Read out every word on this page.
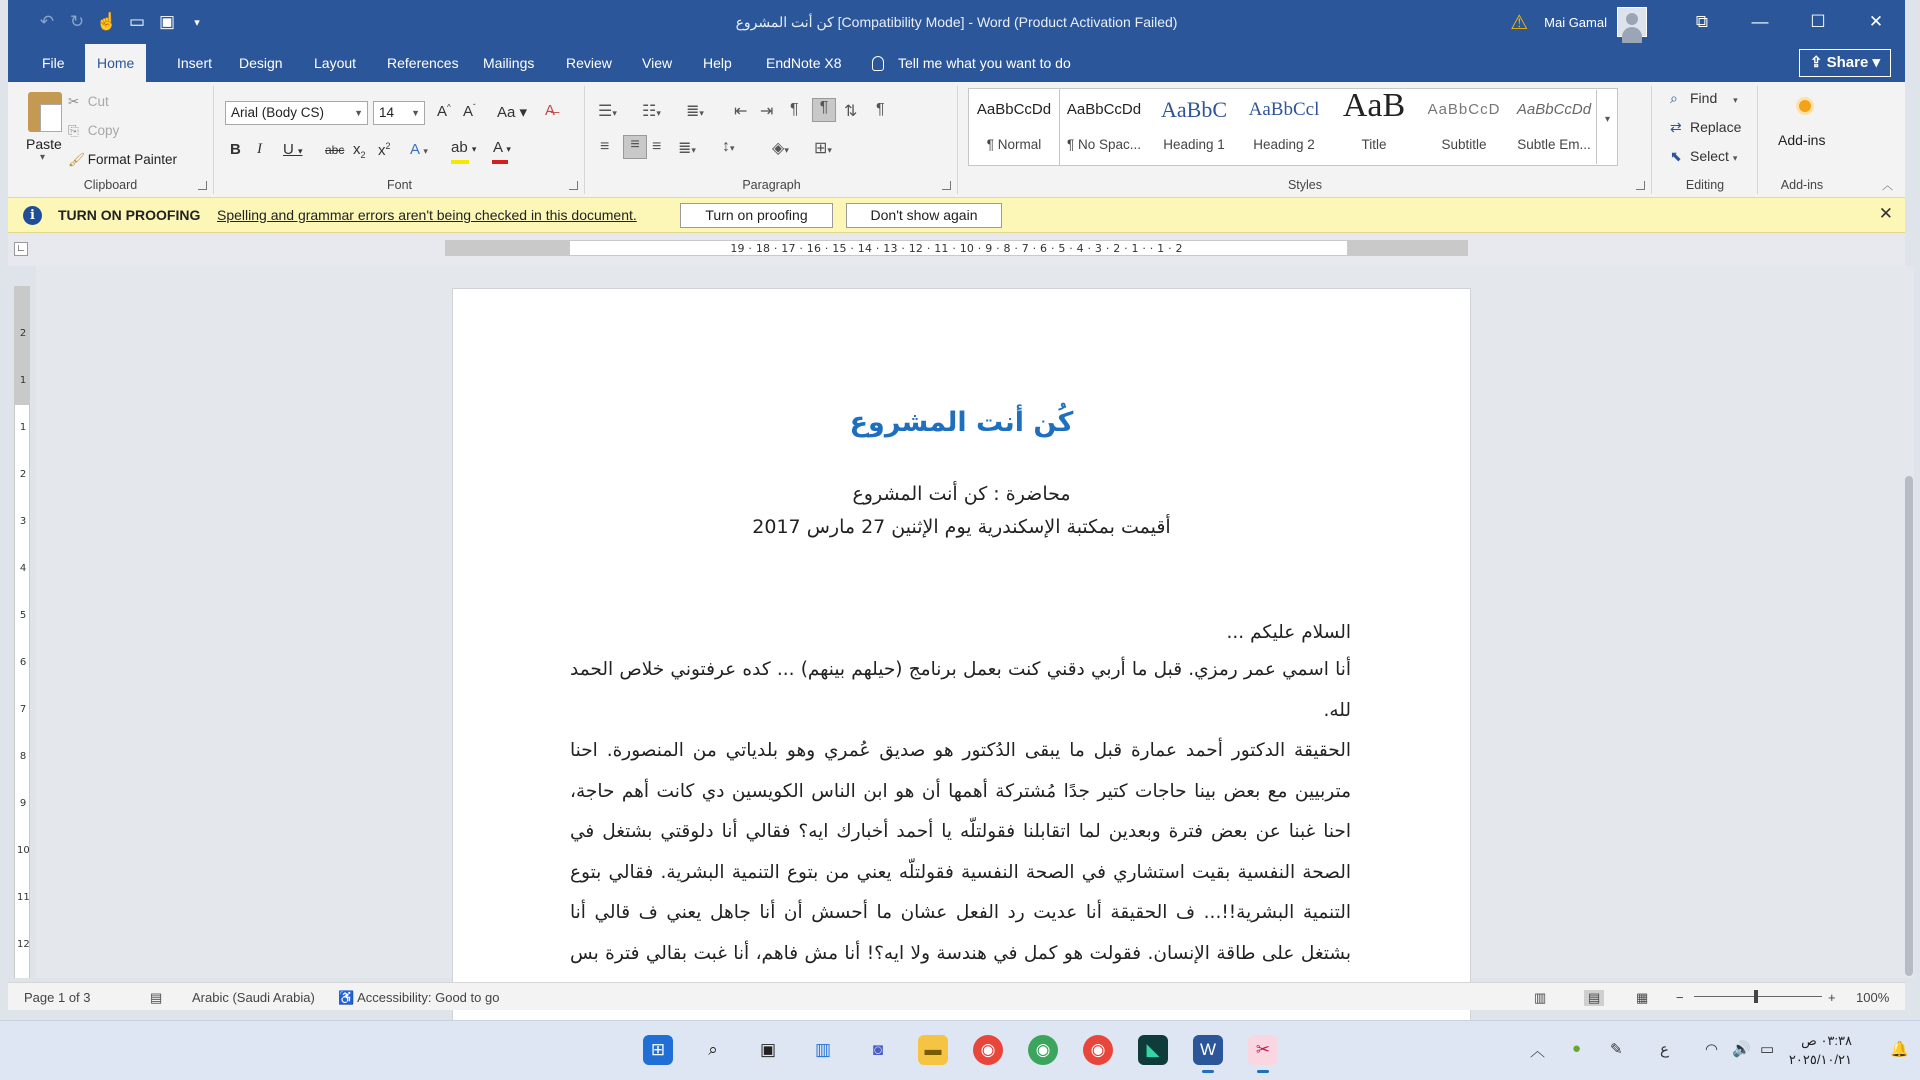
↶ ↻ ☝ ▭ ▣	▾	كن أنت المشروع [Compatibility Mode] - Word (Product Activation Failed)	⚠ Mai Gamal	⧉	—	☐	✕
File	Home	Insert	Design	Layout	References	Mailings	Review	View	Help	EndNote X8	Tell me what you want to do	⇪ Share ▾
Paste
▾
✂ Cut
⎘ Copy
🖌 Format Painter
Clipboard
Arial (Body CS)	▼	14 ▼ A^ $A^ˇ$ Aa ▾ A̶
B I U ▾ abc $x_2$ $x^2$ A ▾ ab ▾ A ▾
Font
☰▾ ☷▾ ≣▾ ⇤ ⇥ ¶	¶ ⇅ ¶
≡	≡ ≡ ≣▾ ↕▾ ◈▾ ⊞▾
Paragraph	Styles
AaBbCcDd
¶ Normal
AaBbCcDd
¶ No Spac...
AaBbC
Heading 1
AaBbCcl
Heading 2
AaB
Title
AaBbCcD
Subtitle
AaBbCcDd
Subtle Em...
▾
Editing
⌕ Find ▾
⇄ Replace
⬉ Select ▾
Add-ins
Add-ins
︿
i	TURN ON PROOFING Spelling and grammar errors aren't being checked in this document.	Turn on proofing	Don't show again	✕
∟	19 · 18 · 17 · 16 · 15 · 14 · 13 · 12 · 11 · 10 · 9 · 8 · 7 · 6 · 5 · 4 · 3 · 2 · 1 · · 1 · 2
2
1
1
2
3
4
5
6
7
8
9
10
11
12
كُن أنت المشروع
محاضرة : كن أنت المشروع
أقيمت بمكتبة الإسكندرية يوم الإثنين 27 مارس 2017
السلام عليكم ...
أنا اسمي عمر رمزي. قبل ما أربي دقني كنت بعمل برنامج (حيلهم بينهم) ... كده عرفتوني خلاص الحمد لله.
الحقيقة الدكتور أحمد عمارة قبل ما يبقى الدُكتور هو صديق عُمري وهو بلدياتي من المنصورة. احنا متربيين مع بعض بينا حاجات كتير جدًا مُشتركة أهمها أن هو ابن الناس الكويسين دي كانت أهم حاجة، احنا غبنا عن بعض فترة وبعدين لما اتقابلنا فقولتلّه يا أحمد أخبارك ايه؟ فقالي أنا دلوقتي بشتغل في الصحة النفسية بقيت استشاري في الصحة النفسية فقولتلّه يعني من بتوع التنمية البشرية. فقالي بتوع التنمية البشرية!!... ف الحقيقة أنا عديت رد الفعل عشان ما أحسش أن أنا جاهل يعني ف قالي أنا بشتغل على طاقة الإنسان. فقولت هو كمل في هندسة ولا ايه؟! أنا مش فاهم، أنا غبت بقالي فترة بس
Page 1 of 3	▤ Arabic (Saudi Arabia) ♿ Accessibility: Good to go	▥	▤	▦ −	+ 100%
⊞	⌕	▣	▥	◙	▬	◉	◉	◉	◣	W	✂	︿ ● ✎ ع ◠ 🔊 ▭
٠٣:٣٨ ص
٢٠٢٥/١٠/٢١
🔔
